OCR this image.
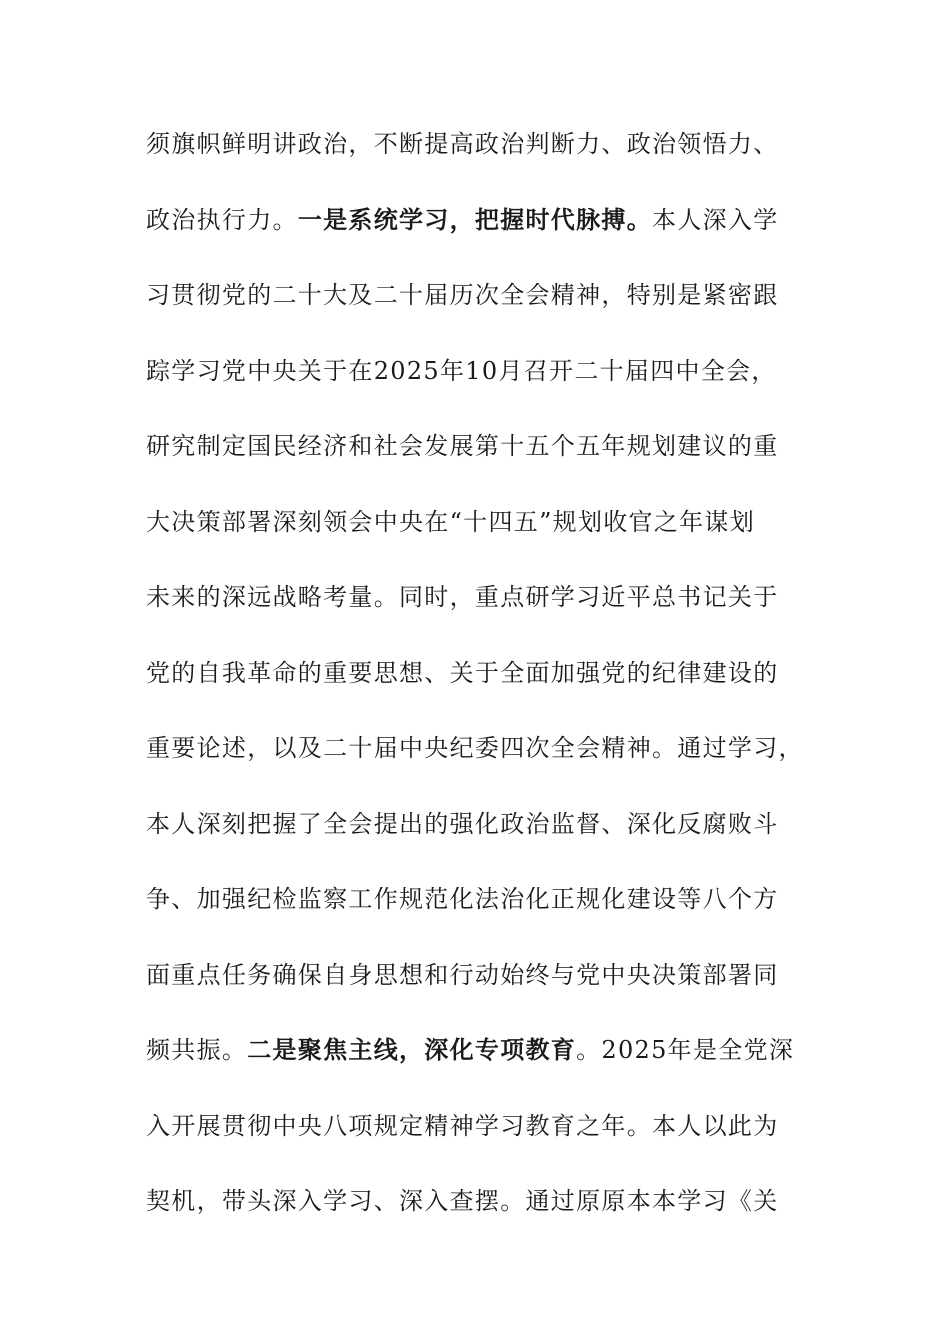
须旗帜鲜明讲政治，不断提高政治判断力、政治领悟力、
政治执行力。一是系统学习，把握时代脉搏。本人深入学
习贯彻党的二十大及二十届历次全会精神，特别是紧密跟
踪学习党中央关于在2025年10月召开二十届四中全会，
研究制定国民经济和社会发展第十五个五年规划建议的重
大决策部署深刻领会中央在“十四五”规划收官之年谋划
未来的深远战略考量。同时，重点研学习近平总书记关于
党的自我革命的重要思想、关于全面加强党的纪律建设的
重要论述，以及二十届中央纪委四次全会精神。通过学习，
本人深刻把握了全会提出的强化政治监督、深化反腐败斗
争、加强纪检监察工作规范化法治化正规化建设等八个方
面重点任务确保自身思想和行动始终与党中央决策部署同
频共振。二是聚焦主线，深化专项教育。2025年是全党深
入开展贯彻中央八项规定精神学习教育之年。本人以此为
契机，带头深入学习、深入查摆。通过原原本本学习《关
